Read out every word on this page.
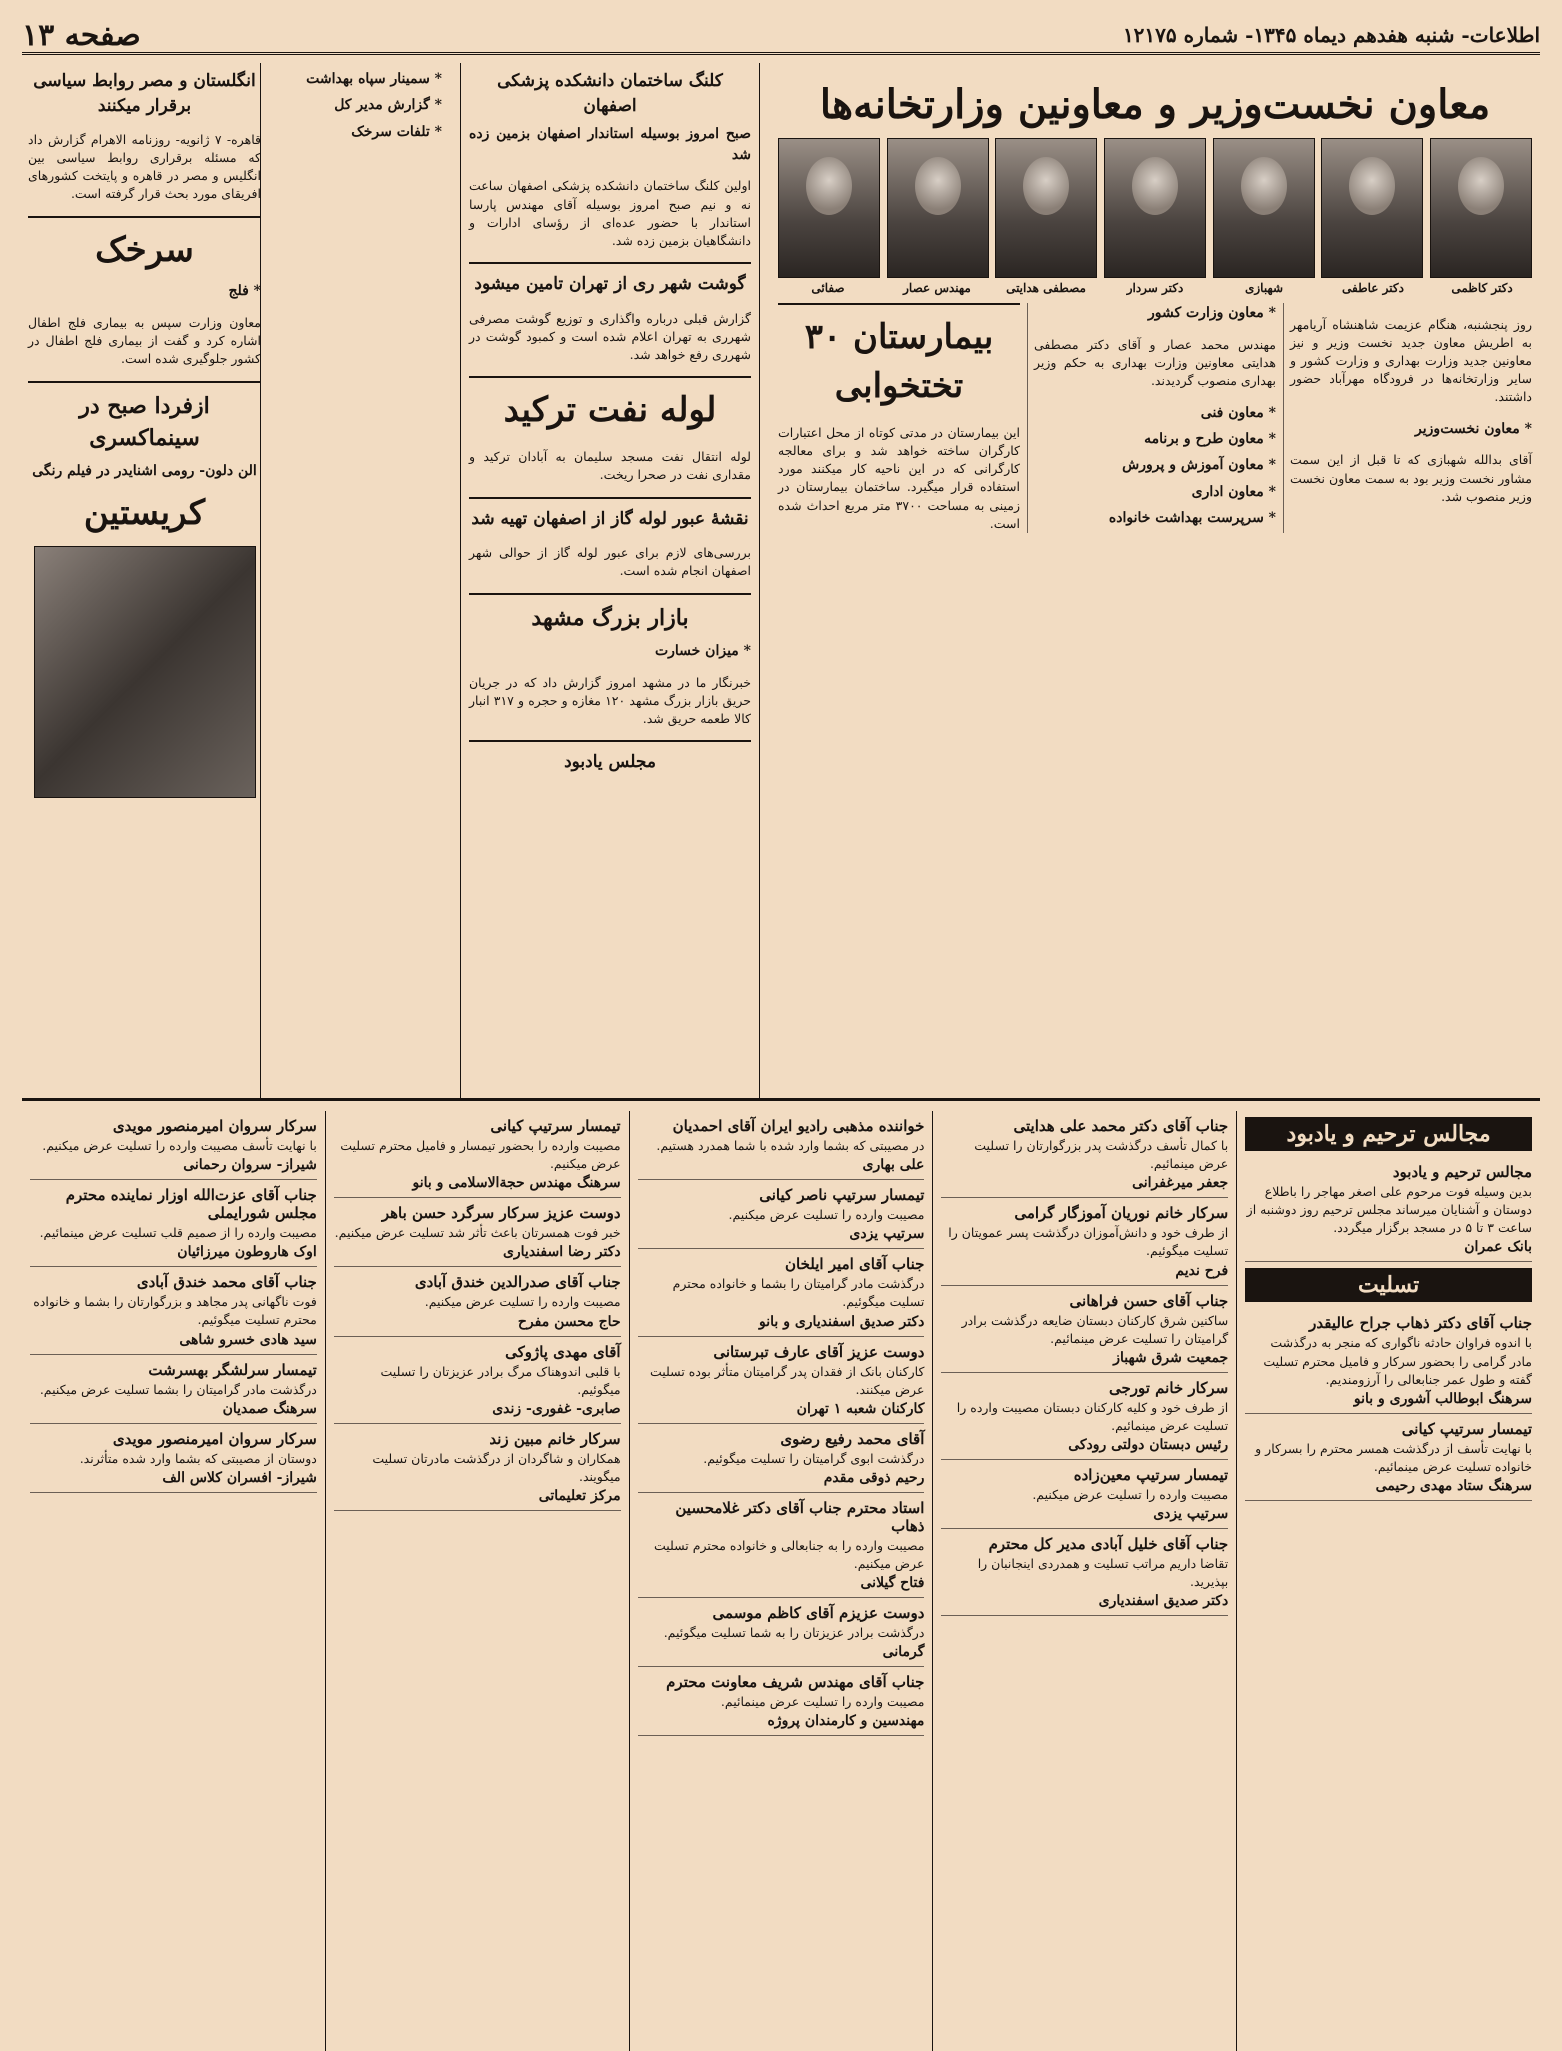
اطلاعات- شنبه هفدهم دیماه ۱۳۴۵- شماره ۱۲۱۷۵
صفحه ۱۳
معاون نخست‌وزیر و معاونین وزارتخانه‌ها
دکتر کاظمی
دکتر عاطفی
شهبازی
دکتر سردار
مصطفی هدایتی
مهندس عصار
صفائی

روز پنجشنبه، هنگام عزیمت شاهنشاه آریامهر به اطریش معاون جدید نخست وزیر و نیز معاونین جدید وزارت بهداری و وزارت کشور و سایر وزارتخانه‌ها در فرودگاه مهرآباد حضور داشتند.

* معاون نخست‌وزیر

آقای بدالله شهبازی که تا قبل از این سمت مشاور نخست وزیر بود به سمت معاون نخست وزیر منصوب شد.

* معاون وزارت کشور

مهندس محمد عصار و آقای دکتر مصطفی هدایتی معاونین وزارت بهداری به حکم وزیر بهداری منصوب گردیدند.

* معاون فنی
* معاون طرح و برنامه
* معاون آموزش و پرورش
* معاون اداری
* سرپرست بهداشت خانواده
بیمارستان ۳۰ تختخوابی

این بیمارستان در مدتی کوتاه از محل اعتبارات کارگران ساخته خواهد شد و برای معالجه کارگرانی که در این ناحیه کار میکنند مورد استفاده قرار میگیرد. ساختمان بیمارستان در زمینی به مساحت ۳۷۰۰ متر مربع احداث شده است.

کلنگ ساختمان دانشکده پزشکی اصفهان
صبح امروز بوسیله استاندار اصفهان بزمین زده شد

اولین کلنگ ساختمان دانشکده پزشکی اصفهان ساعت نه و نیم صبح امروز بوسیله آقای مهندس پارسا استاندار با حضور عده‌ای از رؤسای ادارات و دانشگاهیان بزمین زده شد.

گوشت شهر ری از تهران تامین میشود

گزارش قبلی درباره واگذاری و توزیع گوشت مصرفی شهرری به تهران اعلام شده است و کمبود گوشت در شهرری رفع خواهد شد.

لوله نفت ترکید

لوله انتقال نفت مسجد سلیمان به آبادان ترکید و مقداری نفت در صحرا ریخت.

نقشهٔ عبور لوله گاز از اصفهان تهیه شد

بررسی‌های لازم برای عبور لوله گاز از حوالی شهر اصفهان انجام شده است.

بازار بزرگ مشهد
* میزان خسارت

خبرنگار ما در مشهد امروز گزارش داد که در جریان حریق بازار بزرگ مشهد ۱۲۰ مغازه و حجره و ۳۱۷ انبار کالا طعمه حریق شد.

مجلس یادبود
* سمینار سپاه بهداشت
* گزارش مدیر کل
* تلفات سرخک
انگلستان و مصر روابط سیاسی برقرار میکنند

قاهره- ۷ ژانویه- روزنامه الاهرام گزارش داد که مسئله برقراری روابط سیاسی بین انگلیس و مصر در قاهره و پایتخت کشورهای افریقای مورد بحث قرار گرفته است.

سرخک
* فلج

معاون وزارت سپس به بیماری فلج اطفال اشاره کرد و گفت از بیماری فلج اطفال در کشور جلوگیری شده است.

ازفردا صبح در سینماکسری
الن دلون- رومی اشنایدر در فیلم رنگی
کریستین
مجالس ترحیم و یادبود
مجالس ترحیم و یادبود
بدین وسیله فوت مرحوم علی اصغر مهاجر را باطلاع دوستان و آشنایان میرساند مجلس ترحیم روز دوشنبه از ساعت ۳ تا ۵ در مسجد برگزار میگردد.
بانک عمران
تسلیت
جناب آقای دکتر ذهاب جراح عالیقدر
با اندوه فراوان حادثه ناگواری که منجر به درگذشت مادر گرامی را بحضور سرکار و فامیل محترم تسلیت گفته و طول عمر جنابعالی را آرزومندیم.
سرهنگ ابوطالب آشوری و بانو
تیمسار سرتیپ کیانی
با نهایت تأسف از درگذشت همسر محترم را بسرکار و خانواده تسلیت عرض مینمائیم.
سرهنگ ستاد مهدی رحیمی
جناب آقای دکتر محمد علی هدایتی
با کمال تأسف درگذشت پدر بزرگوارتان را تسلیت عرض مینمائیم.
جعفر میرغفرانی
سرکار خانم نوریان آموزگار گرامی
از طرف خود و دانش‌آموزان درگذشت پسر عمویتان را تسلیت میگوئیم.
فرح ندیم
جناب آقای حسن فراهانی
ساکنین شرق کارکنان دبستان ضایعه درگذشت برادر گرامیتان را تسلیت عرض مینمائیم.
جمعیت شرق شهباز
سرکار خانم تورجی
از طرف خود و کلیه کارکنان دبستان مصیبت وارده را تسلیت عرض مینمائیم.
رئیس دبستان دولتی رودکی
تیمسار سرتیپ معین‌زاده
مصیبت وارده را تسلیت عرض میکنیم.
سرتیپ یزدی
جناب آقای خلیل آبادی مدیر کل محترم
تقاضا داریم مراتب تسلیت و همدردی اینجانبان را بپذیرید.
دکتر صدیق اسفندیاری
خواننده مذهبی رادیو ایران آقای احمدیان
در مصیبتی که بشما وارد شده با شما همدرد هستیم.
علی بهاری
تیمسار سرتیپ ناصر کیانی
مصیبت وارده را تسلیت عرض میکنیم.
سرتیپ یزدی
جناب آقای امیر ایلخان
درگذشت مادر گرامیتان را بشما و خانواده محترم تسلیت میگوئیم.
دکتر صدیق اسفندیاری و بانو
دوست عزیز آقای عارف تبرستانی
کارکنان بانک از فقدان پدر گرامیتان متأثر بوده تسلیت عرض میکنند.
کارکنان شعبه ۱ تهران
آقای محمد رفیع رضوی
درگذشت ابوی گرامیتان را تسلیت میگوئیم.
رحیم ذوقی مقدم
استاد محترم جناب آقای دکتر غلامحسین ذهاب
مصیبت وارده را به جنابعالی و خانواده محترم تسلیت عرض میکنیم.
فتاح گیلانی
دوست عزیزم آقای کاظم موسمی
درگذشت برادر عزیزتان را به شما تسلیت میگوئیم.
گرمانی
جناب آقای مهندس شریف معاونت محترم
مصیبت وارده را تسلیت عرض مینمائیم.
مهندسین و کارمندان پروژه
تیمسار سرتیپ کیانی
مصیبت وارده را بحضور تیمسار و فامیل محترم تسلیت عرض میکنیم.
سرهنگ مهندس حجةالاسلامی و بانو
دوست عزیز سرکار سرگرد حسن باهر
خبر فوت همسرتان باعث تأثر شد تسلیت عرض میکنیم.
دکتر رضا اسفندیاری
جناب آقای صدرالدین خندق آبادی
مصیبت وارده را تسلیت عرض میکنیم.
حاج محسن مفرح
آقای مهدی پاژوکی
با قلبی اندوهناک مرگ برادر عزیزتان را تسلیت میگوئیم.
صابری- غفوری- زندی
سرکار خانم مبین زند
همکاران و شاگردان از درگذشت مادرتان تسلیت میگویند.
مرکز تعلیماتی
سرکار سروان امیرمنصور مویدی
با نهایت تأسف مصیبت وارده را تسلیت عرض میکنیم.
شیراز- سروان رحمانی
جناب آقای عزت‌الله اوزار نماینده محترم مجلس شورایملی
مصیبت وارده را از صمیم قلب تسلیت عرض مینمائیم.
اوک هاروطون میرزائیان
جناب آقای محمد خندق آبادی
فوت ناگهانی پدر مجاهد و بزرگوارتان را بشما و خانواده محترم تسلیت میگوئیم.
سید هادی خسرو شاهی
تیمسار سرلشگر بهسرشت
درگذشت مادر گرامیتان را بشما تسلیت عرض میکنیم.
سرهنگ صمدیان
سرکار سروان امیرمنصور مویدی
دوستان از مصیبتی که بشما وارد شده متأثرند.
شیراز- افسران کلاس الف
